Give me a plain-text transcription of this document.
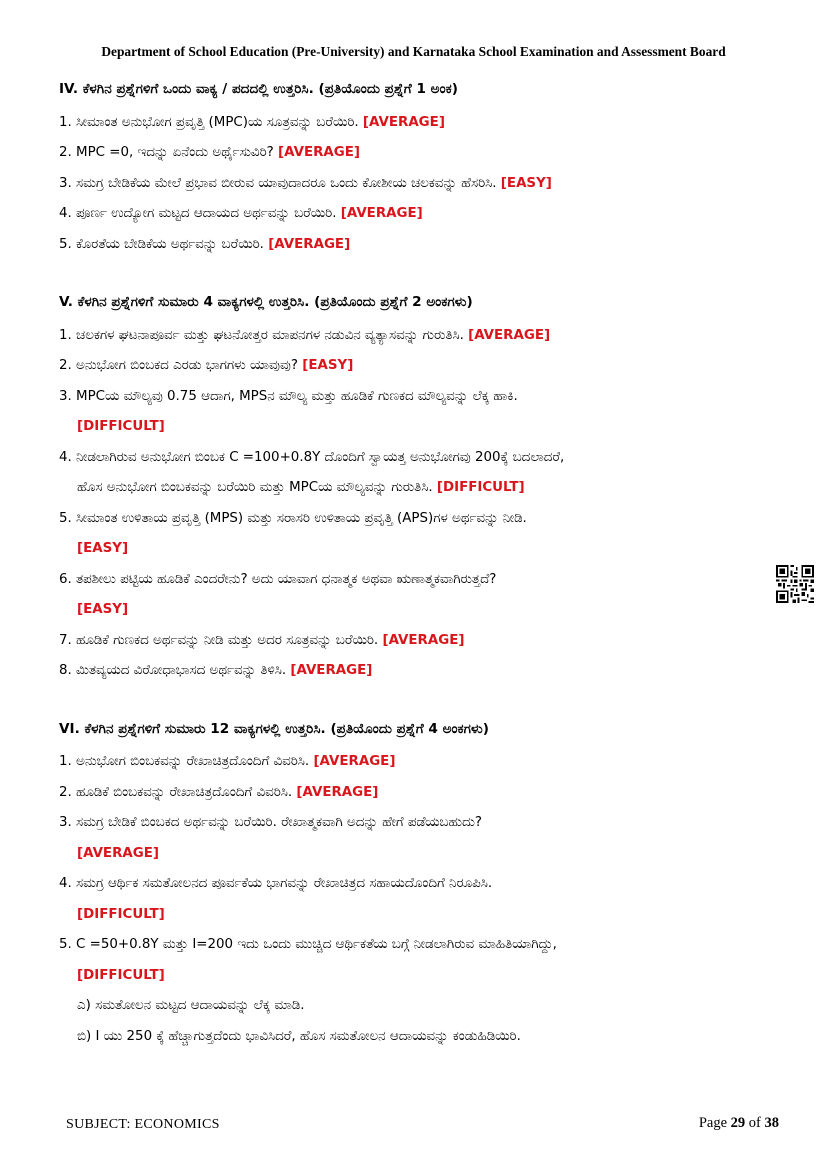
Department of School Education (Pre-University) and Karnataka School Examination and Assessment Board
IV. ಕೆಳಗಿನ ಪ್ರಶ್ನೆಗಳಿಗೆ ಒಂದು ವಾಕ್ಯ / ಪದದಲ್ಲಿ ಉತ್ತರಿಸಿ. (ಪ್ರತಿಯೊಂದು ಪ್ರಶ್ನೆಗೆ 1 ಅಂಕ)
1. ಸೀಮಾಂತ ಅನುಭೋಗ ಪ್ರವೃತ್ತಿ (MPC)ಯ ಸೂತ್ರವನ್ನು ಬರೆಯಿರಿ. [AVERAGE]
2. MPC =0, ಇದನ್ನು ಏನೆಂದು ಅರ್ಥೈಸುವಿರಿ? [AVERAGE]
3. ಸಮಗ್ರ ಬೇಡಿಕೆಯ ಮೇಲೆ ಪ್ರಭಾವ ಬೀರುವ ಯಾವುದಾದರೂ ಒಂದು ಕೋಶೀಯ ಚಲಕವನ್ನು ಹೆಸರಿಸಿ. [EASY]
4. ಪೂರ್ಣ ಉದ್ಯೋಗ ಮಟ್ಟದ ಆದಾಯದ ಅರ್ಥವನ್ನು ಬರೆಯಿರಿ. [AVERAGE]
5. ಕೊರತೆಯ ಬೇಡಿಕೆಯ ಅರ್ಥವನ್ನು ಬರೆಯಿರಿ. [AVERAGE]
V. ಕೆಳಗಿನ ಪ್ರಶ್ನೆಗಳಿಗೆ ಸುಮಾರು 4 ವಾಕ್ಯಗಳಲ್ಲಿ ಉತ್ತರಿಸಿ. (ಪ್ರತಿಯೊಂದು ಪ್ರಶ್ನೆಗೆ 2 ಅಂಕಗಳು)
1. ಚಲಕಗಳ ಘಟನಾಪೂರ್ವ ಮತ್ತು ಘಟನೋತ್ತರ ಮಾಪನಗಳ ನಡುವಿನ ವ್ಯತ್ಯಾಸವನ್ನು ಗುರುತಿಸಿ. [AVERAGE]
2. ಅನುಭೋಗ ಬಿಂಬಕದ ಎರಡು ಭಾಗಗಳು ಯಾವುವು? [EASY]
3. MPCಯ ಮೌಲ್ಯವು 0.75 ಆದಾಗ, MPSನ ಮೌಲ್ಯ ಮತ್ತು ಹೂಡಿಕೆ ಗುಣಕದ ಮೌಲ್ಯವನ್ನು ಲೆಕ್ಕ ಹಾಕಿ.
[DIFFICULT]
4. ನೀಡಲಾಗಿರುವ ಅನುಭೋಗ ಬಿಂಬಕ C =100+0.8Y ದೊಂದಿಗೆ ಸ್ವಾಯತ್ತ ಅನುಭೋಗವು 200ಕ್ಕೆ ಬದಲಾದರೆ,
ಹೊಸ ಅನುಭೋಗ ಬಿಂಬಕವನ್ನು ಬರೆಯಿರಿ ಮತ್ತು MPCಯ ಮೌಲ್ಯವನ್ನು ಗುರುತಿಸಿ. [DIFFICULT]
5. ಸೀಮಾಂತ ಉಳಿತಾಯ ಪ್ರವೃತ್ತಿ (MPS) ಮತ್ತು ಸರಾಸರಿ ಉಳಿತಾಯ ಪ್ರವೃತ್ತಿ (APS)ಗಳ ಅರ್ಥವನ್ನು ನೀಡಿ.
[EASY]
6. ತಪಶೀಲು ಪಟ್ಟಿಯ ಹೂಡಿಕೆ ಎಂದರೇನು? ಅದು ಯಾವಾಗ ಧನಾತ್ಮಕ ಅಥವಾ ಋಣಾತ್ಮಕವಾಗಿರುತ್ತದೆ?
[EASY]
7. ಹೂಡಿಕೆ ಗುಣಕದ ಅರ್ಥವನ್ನು ನೀಡಿ ಮತ್ತು ಅದರ ಸೂತ್ರವನ್ನು ಬರೆಯಿರಿ. [AVERAGE]
8. ಮಿತವ್ಯಯದ ವಿರೋಧಾಭಾಸದ ಅರ್ಥವನ್ನು ತಿಳಿಸಿ. [AVERAGE]
VI. ಕೆಳಗಿನ ಪ್ರಶ್ನೆಗಳಿಗೆ ಸುಮಾರು 12 ವಾಕ್ಯಗಳಲ್ಲಿ ಉತ್ತರಿಸಿ. (ಪ್ರತಿಯೊಂದು ಪ್ರಶ್ನೆಗೆ 4 ಅಂಕಗಳು)
1. ಅನುಭೋಗ ಬಿಂಬಕವನ್ನು ರೇಖಾಚಿತ್ರದೊಂದಿಗೆ ವಿವರಿಸಿ. [AVERAGE]
2. ಹೂಡಿಕೆ ಬಿಂಬಕವನ್ನು ರೇಖಾಚಿತ್ರದೊಂದಿಗೆ ವಿವರಿಸಿ. [AVERAGE]
3. ಸಮಗ್ರ ಬೇಡಿಕೆ ಬಿಂಬಕದ ಅರ್ಥವನ್ನು ಬರೆಯಿರಿ. ರೇಖಾತ್ಮಕವಾಗಿ ಅದನ್ನು ಹೇಗೆ ಪಡೆಯಬಹುದು?
[AVERAGE]
4. ಸಮಗ್ರ ಆರ್ಥಿಕ ಸಮತೋಲನದ ಪೂರ್ವಕೆಯ ಭಾಗವನ್ನು ರೇಖಾಚಿತ್ರದ ಸಹಾಯದೊಂದಿಗೆ ನಿರೂಪಿಸಿ.
[DIFFICULT]
5. C =50+0.8Y ಮತ್ತು I=200 ಇದು ಒಂದು ಮುಚ್ಚಿದ ಆರ್ಥಿಕತೆಯ ಬಗ್ಗೆ ನೀಡಲಾಗಿರುವ ಮಾಹಿತಿಯಾಗಿದ್ದು,
[DIFFICULT]
ಎ) ಸಮತೋಲನ ಮಟ್ಟದ ಆದಾಯವನ್ನು ಲೆಕ್ಕ ಮಾಡಿ.
ಬಿ) I ಯು 250 ಕ್ಕೆ ಹೆಚ್ಚಾಗುತ್ತದೆಂದು ಭಾವಿಸಿದರೆ, ಹೊಸ ಸಮತೋಲನ ಆದಾಯವನ್ನು ಕಂಡುಹಿಡಿಯಿರಿ.
SUBJECT: ECONOMICS	Page 29 of 38
